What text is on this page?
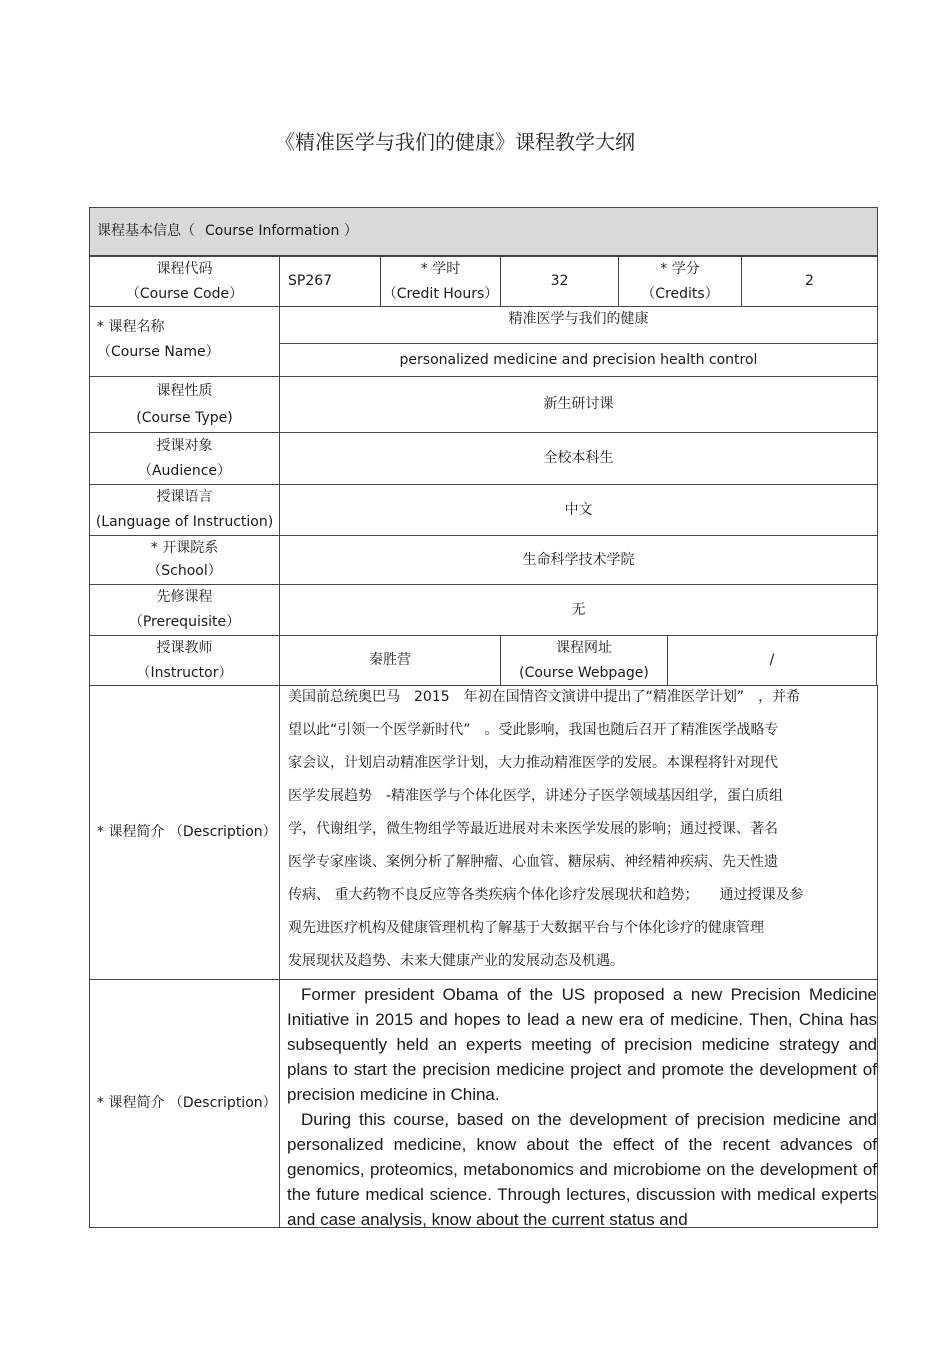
《精准医学与我们的健康》课程教学大纲
课程基本信息（ Course Information ）
课程代码
（Course Code）
SP267
* 学时
（Credit Hours）
32
* 学分
（Credits）
2
* 课程名称
（Course Name）
精准医学与我们的健康
personalized medicine and precision health control
课程性质
(Course Type)
新生研讨课
授课对象
（Audience）
全校本科生
授课语言
(Language of Instruction)
中文
* 开课院系
（School）
生命科学技术学院
先修课程
（Prerequisite）
无
授课教师
（Instructor）
秦胜营
课程网址
(Course Webpage)
/
* 课程简介 （Description）

美国前总统奥巴马　2015　年初在国情咨文演讲中提出了“精准医学计划”　，并希

望以此“引领一个医学新时代”　。受此影响，我国也随后召开了精准医学战略专

家会议，计划启动精准医学计划，大力推动精准医学的发展。本课程将针对现代

医学发展趋势　-精准医学与个体化医学，讲述分子医学领域基因组学，蛋白质组

学，代谢组学，微生物组学等最近进展对未来医学发展的影响；通过授课、著名

医学专家座谈、案例分析了解肿瘤、心血管、糖尿病、神经精神疾病、先天性遗

传病、 重大药物不良反应等各类疾病个体化诊疗发展现状和趋势；　　通过授课及参

观先进医疗机构及健康管理机构了解基于大数据平台与个体化诊疗的健康管理

发展现状及趋势、未来大健康产业的发展动态及机遇。

* 课程简介 （Description）

Former president Obama of the US proposed a new Precision Medicine Initiative in 2015 and hopes to lead a new era of medicine. Then, China has subsequently held an experts meeting of precision medicine strategy and plans to start the precision medicine project and promote the development of precision medicine in China.

During this course, based on the development of precision medicine and personalized medicine, know about the effect of the recent advances of genomics, proteomics, metabonomics and microbiome on the development of the future medical science. Through lectures, discussion with medical experts and case analysis, know about the current status and
